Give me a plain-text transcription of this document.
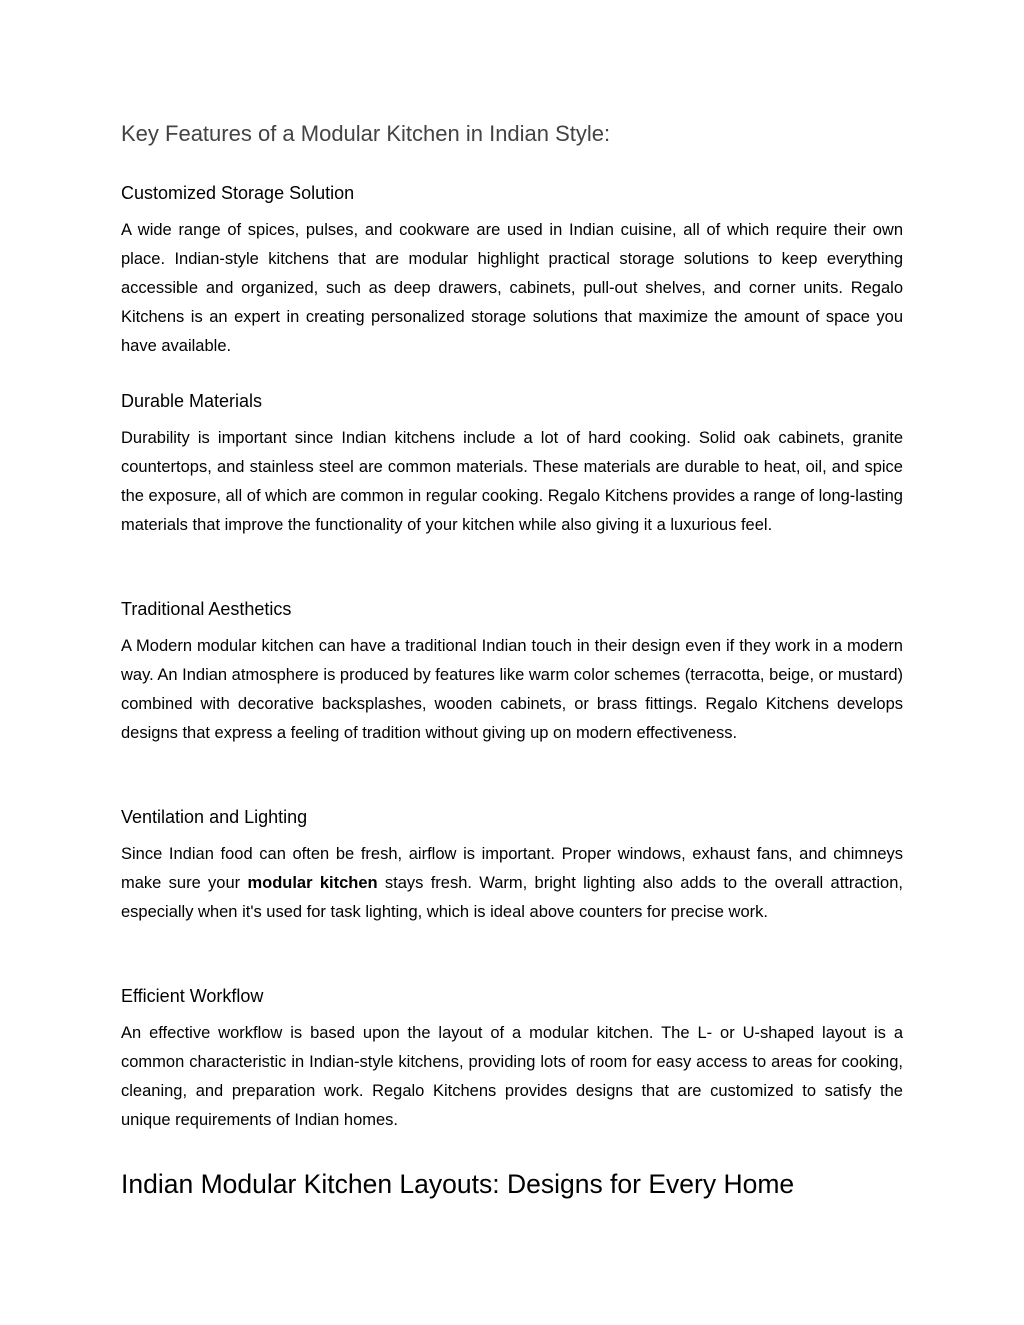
Key Features of a Modular Kitchen in Indian Style:
Customized Storage Solution

A wide range of spices, pulses, and cookware are used in Indian cuisine, all of which require their own place. Indian-style kitchens that are modular highlight practical storage solutions to keep everything accessible and organized, such as deep drawers, cabinets, pull-out shelves, and corner units. Regalo Kitchens is an expert in creating personalized storage solutions that maximize the amount of space you have available.

Durable Materials

Durability is important since Indian kitchens include a lot of hard cooking. Solid oak cabinets, granite countertops, and stainless steel are common materials. These materials are durable to heat, oil, and spice the exposure, all of which are common in regular cooking. Regalo Kitchens provides a range of long-lasting materials that improve the functionality of your kitchen while also giving it a luxurious feel.

Traditional Aesthetics

A Modern modular kitchen can have a traditional Indian touch in their design even if they work in a modern way. An Indian atmosphere is produced by features like warm color schemes (terracotta, beige, or mustard) combined with decorative backsplashes, wooden cabinets, or brass fittings. Regalo Kitchens develops designs that express a feeling of tradition without giving up on modern effectiveness.

Ventilation and Lighting

Since Indian food can often be fresh, airflow is important. Proper windows, exhaust fans, and chimneys make sure your modular kitchen stays fresh. Warm, bright lighting also adds to the overall attraction, especially when it's used for task lighting, which is ideal above counters for precise work.

Efficient Workflow

An effective workflow is based upon the layout of a modular kitchen. The L- or U-shaped layout is a common characteristic in Indian-style kitchens, providing lots of room for easy access to areas for cooking, cleaning, and preparation work. Regalo Kitchens provides designs that are customized to satisfy the unique requirements of Indian homes.

Indian Modular Kitchen Layouts: Designs for Every Home
